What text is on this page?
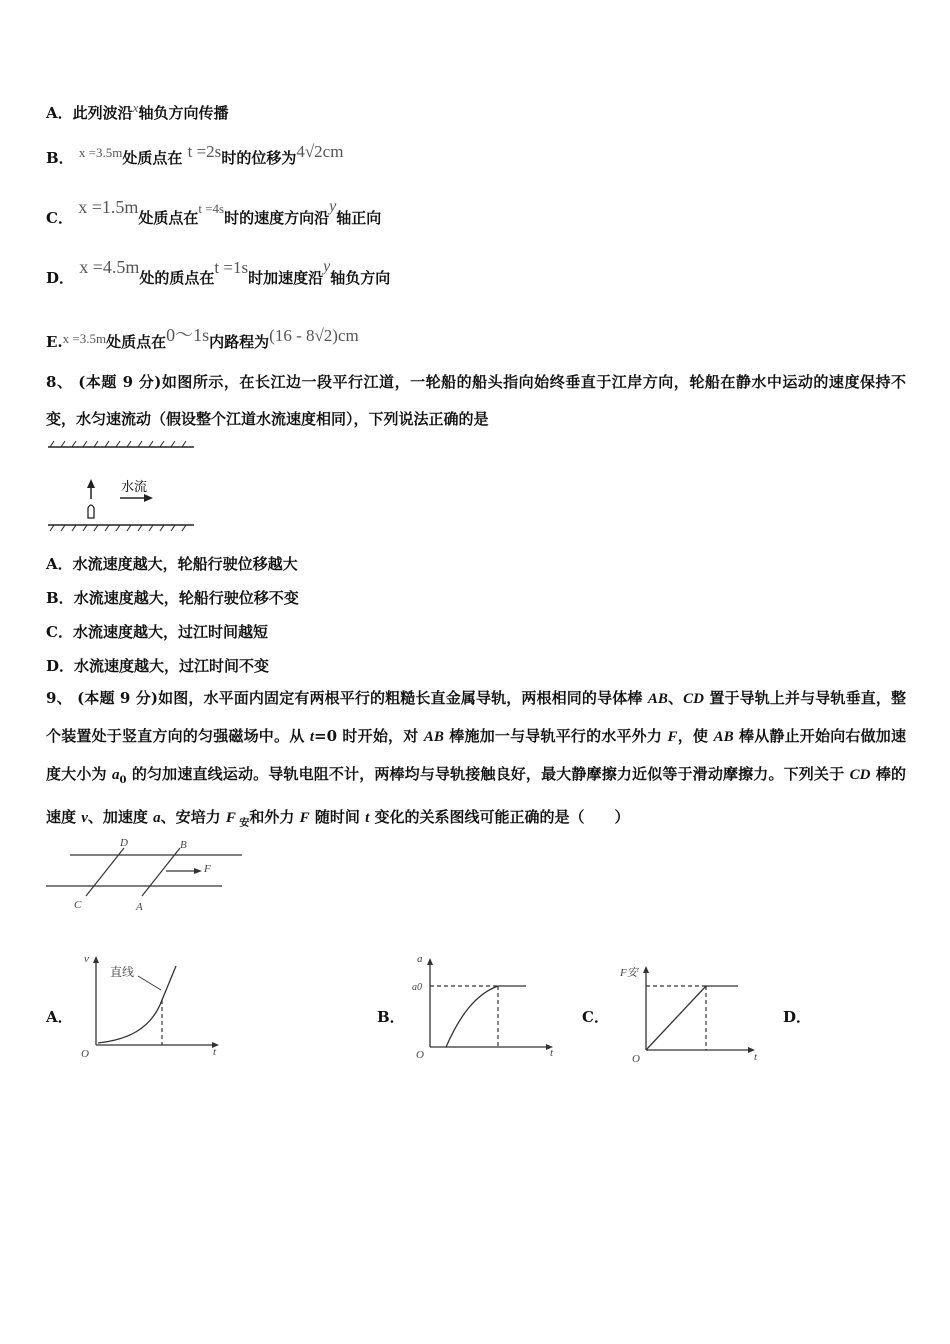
A．此列波沿x轴负方向传播
B． x =3.5m处质点在 t =2s时的位移为4√2cm
C． x =1.5m处质点在t =4s时的速度方向沿y轴正向
D． x =4.5m处的质点在t =1s时加速度沿y轴负方向
E.x =3.5m处质点在0～1s内路程为(16 - 8√2)cm
8、 (本题 9 分)如图所示，在长江边一段平行江道，一轮船的船头指向始终垂直于江岸方向，轮船在静水中运动的速度保持不变，水匀速流动（假设整个江道水流速度相同），下列说法正确的是
水流
A．水流速度越大，轮船行驶位移越大
B．水流速度越大，轮船行驶位移不变
C．水流速度越大，过江时间越短
D．水流速度越大，过江时间不变
9、 (本题 9 分)如图，水平面内固定有两根平行的粗糙长直金属导轨，两根相同的导体棒 AB、CD 置于导轨上并与导轨垂直，整个装置处于竖直方向的匀强磁场中。从 t=0 时开始，对 AB 棒施加一与导轨平行的水平外力 F，使 AB 棒从静止开始向右做加速度大小为 $a_0$ 的匀加速直线运动。导轨电阻不计，两棒均与导轨接触良好，最大静摩擦力近似等于滑动摩擦力。下列关于 CD 棒的速度 v、加速度 a、安培力 F $_安$和外力 F 随时间 t 变化的关系图线可能正确的是（　　）
D	B
F
C	A
A．
v
t
O
直线
B．
a
a0
t
O
C．
F安
t
O
D．
